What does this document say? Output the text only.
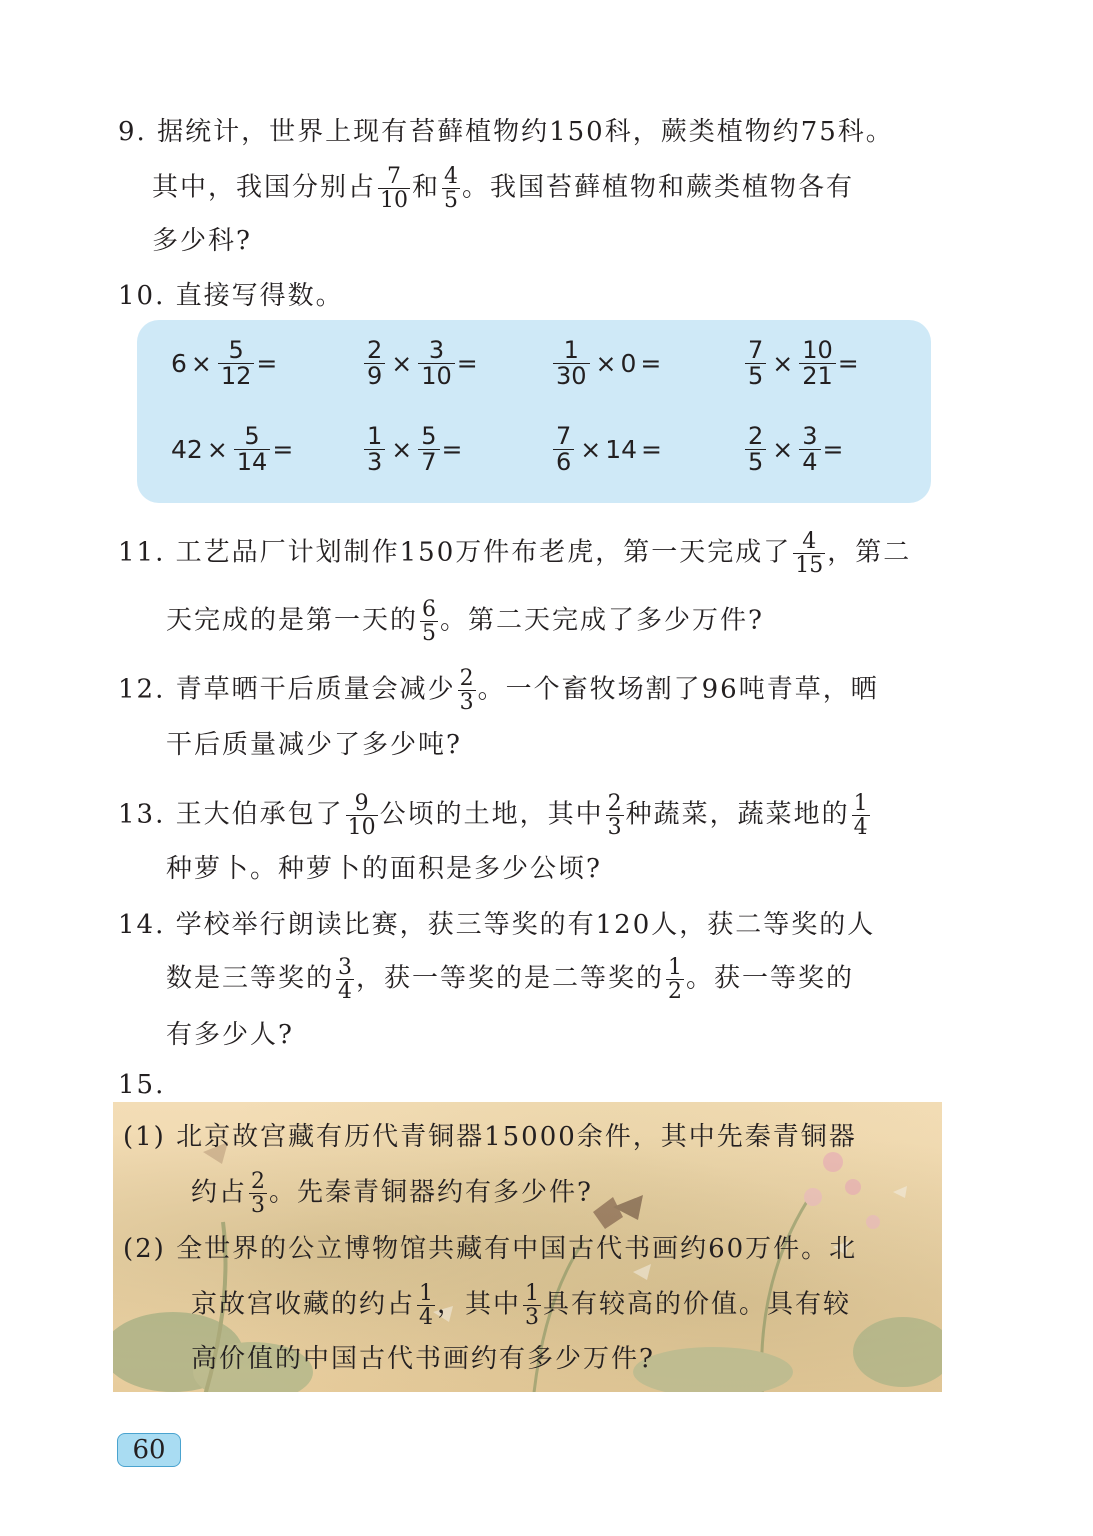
9. 据统计，世界上现有苔藓植物约150科，蕨类植物约75科。
其中，我国分别占 $\frac{7}{10}$ 和 $\frac{4}{5}$ 。我国苔藓植物和蕨类植物各有
多少科?
10. 直接写得数。
$6 \times \frac{5}{12}$ =	$\frac{2}{9} \times \frac{3}{10}$ =	$\frac{1}{30} \times 0$ =	$\frac{7}{5} \times \frac{10}{21}$ =
$42 \times \frac{5}{14}$ =	$\frac{1}{3} \times \frac{5}{7}$ =	$\frac{7}{6} \times 14$ =	$\frac{2}{5} \times \frac{3}{4}$ =
11. 工艺品厂计划制作150万件布老虎，第一天完成了 $\frac{4}{15}$ ，第二
天完成的是第一天的 $\frac{6}{5}$ 。第二天完成了多少万件?
12. 青草晒干后质量会减少 $\frac{2}{3}$ 。一个畜牧场割了96吨青草，晒
干后质量减少了多少吨?
13. 王大伯承包了 $\frac{9}{10}$ 公顷的土地，其中 $\frac{2}{3}$ 种蔬菜，蔬菜地的 $\frac{1}{4}$
种萝卜。种萝卜的面积是多少公顷?
14. 学校举行朗读比赛，获三等奖的有120人，获二等奖的人
数是三等奖的 $\frac{3}{4}$ ，获一等奖的是二等奖的 $\frac{1}{2}$ 。获一等奖的
有多少人?
15.
(1) 北京故宫藏有历代青铜器15000余件，其中先秦青铜器
约占 $\frac{2}{3}$ 。先秦青铜器约有多少件?
(2) 全世界的公立博物馆共藏有中国古代书画约60万件。北
京故宫收藏的约占 $\frac{1}{4}$ ，其中 $\frac{1}{3}$ 具有较高的价值。具有较
高价值的中国古代书画约有多少万件?
60
